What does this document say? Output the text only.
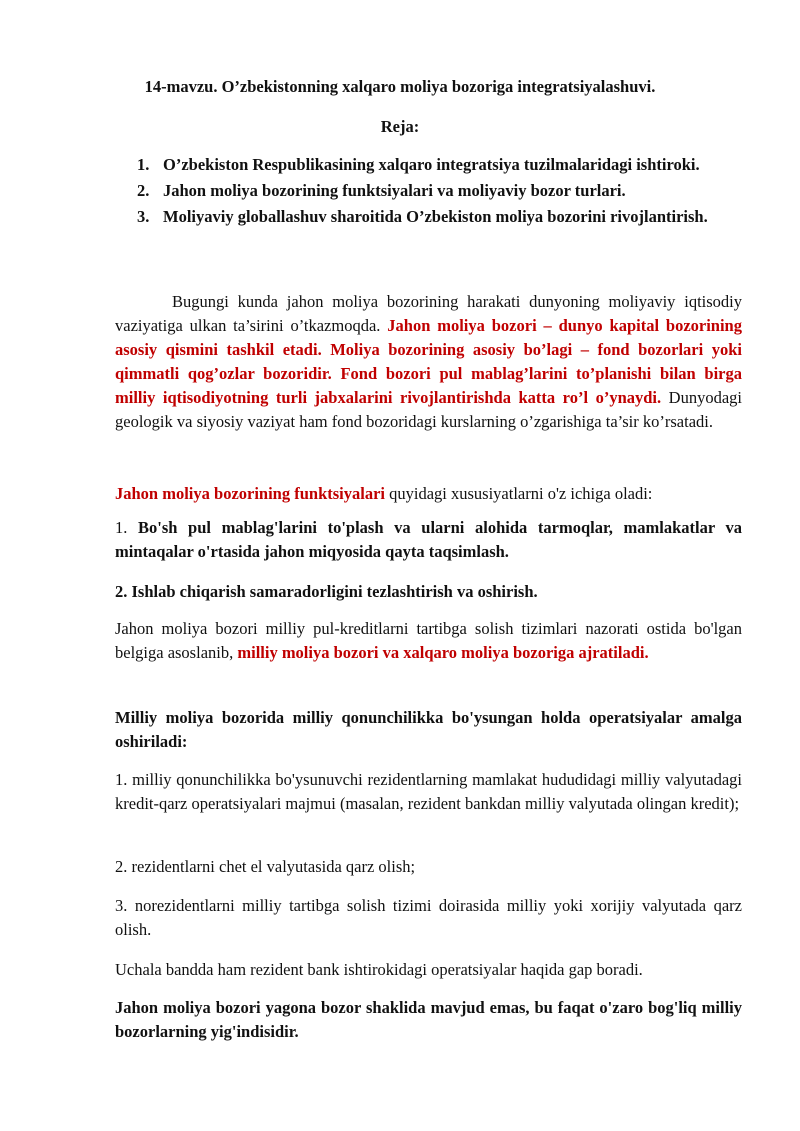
14-mavzu. O’zbekistonning xalqaro moliya bozoriga integratsiyalashuvi.
Reja:
1. O’zbekiston Respublikasining xalqaro integratsiya tuzilmalaridagi ishtiroki.
2. Jahon moliya bozorining funktsiyalari va moliyaviy bozor turlari.
3. Moliyaviy globallashuv sharoitida O’zbekiston moliya bozorini rivojlantirish.

Bugungi kunda jahon moliya bozorining harakati dunyoning moliyaviy iqtisodiy vaziyatiga ulkan ta’sirini o’tkazmoqda. Jahon moliya bozori – dunyo kapital bozorining asosiy qismini tashkil etadi. Moliya bozorining asosiy bo’lagi – fond bozorlari yoki qimmatli qog’ozlar bozoridir. Fond bozori pul mablag’larini to’planishi bilan birga milliy iqtisodiyotning turli jabxalarini rivojlantirishda katta ro’l o’ynaydi. Dunyodagi geologik va siyosiy vaziyat ham fond bozoridagi kurslarning o’zgarishiga ta’sir ko’rsatadi.

Jahon moliya bozorining funktsiyalari quyidagi xususiyatlarni o'z ichiga oladi:

1. Bo'sh pul mablag'larini to'plash va ularni alohida tarmoqlar, mamlakatlar va mintaqalar o'rtasida jahon miqyosida qayta taqsimlash.

2. Ishlab chiqarish samaradorligini tezlashtirish va oshirish.

Jahon moliya bozori milliy pul-kreditlarni tartibga solish tizimlari nazorati ostida bo'lgan belgiga asoslanib, milliy moliya bozori va xalqaro moliya bozoriga ajratiladi.

Milliy moliya bozorida milliy qonunchilikka bo'ysungan holda operatsiyalar amalga oshiriladi:

1. milliy qonunchilikka bo'ysunuvchi rezidentlarning mamlakat hududidagi milliy valyutadagi kredit-qarz operatsiyalari majmui (masalan, rezident bankdan milliy valyutada olingan kredit);

2. rezidentlarni chet el valyutasida qarz olish;

3. norezidentlarni milliy tartibga solish tizimi doirasida milliy yoki xorijiy valyutada qarz olish.

Uchala bandda ham rezident bank ishtirokidagi operatsiyalar haqida gap boradi.

Jahon moliya bozori yagona bozor shaklida mavjud emas, bu faqat o'zaro bog'liq milliy bozorlarning yig'indisidir.
